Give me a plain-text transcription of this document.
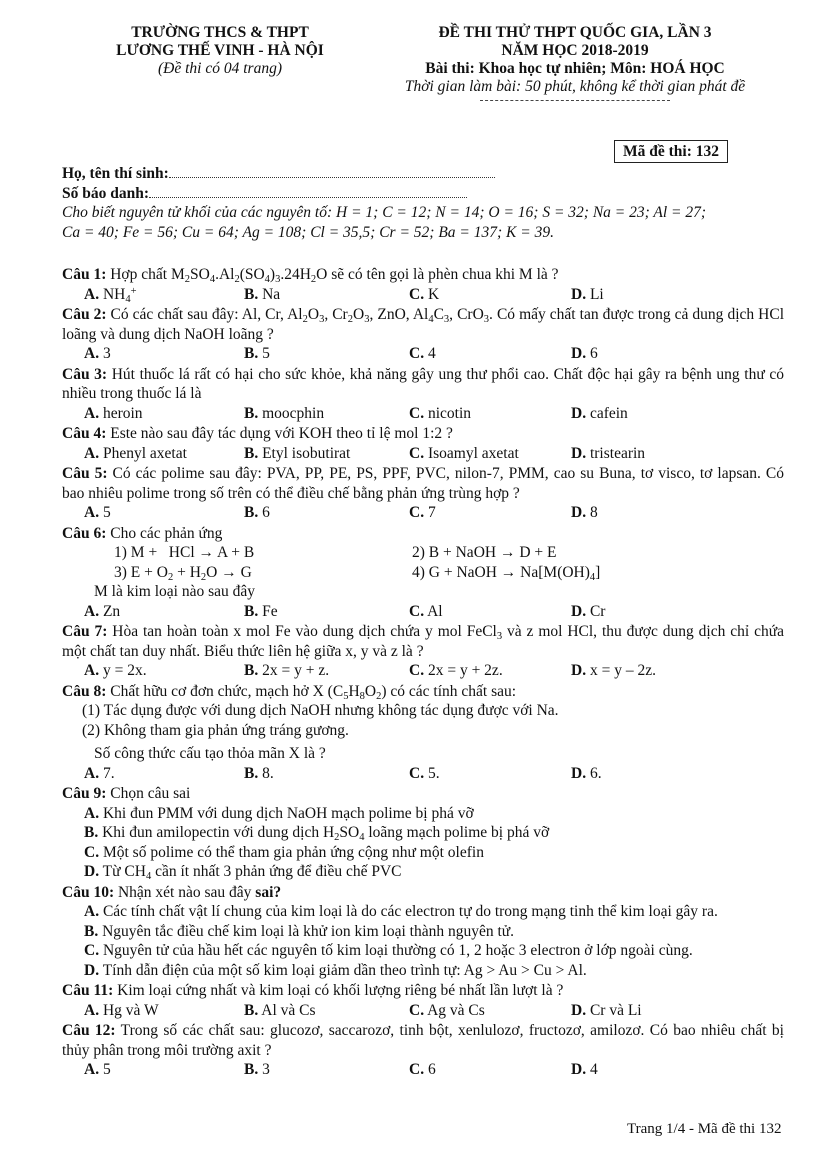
TRƯỜNG THCS & THPT
LƯƠNG THẾ VINH - HÀ NỘI
(Đề thi có 04 trang)
ĐỀ THI THỬ THPT QUỐC GIA, LẦN 3
NĂM HỌC 2018-2019
Bài thi: Khoa học tự nhiên; Môn: HOÁ HỌC
Thời gian làm bài: 50 phút, không kể thời gian phát đề
Mã đề thi: 132
Họ, tên thí sinh:
Số báo danh:
Cho biết nguyên tử khối của các nguyên tố: H = 1; C = 12; N = 14; O = 16; S = 32; Na = 23; Al = 27;
Ca = 40; Fe = 56; Cu = 64; Ag = 108; Cl = 35,5; Cr = 52; Ba = 137; K = 39.
Câu 1: Hợp chất $M_2SO_4.Al_2(SO_4)_3.24H_2O$ sẽ có tên gọi là phèn chua khi M là ?
A. $NH_4^+$	B. Na	C. K	D. Li
Câu 2: Có các chất sau đây: Al, Cr, $Al_2O_3$, $Cr_2O_3$, ZnO, $Al_4C_3$, CrO$_3$. Có mấy chất tan được trong cả dung dịch HCl loãng và dung dịch NaOH loãng ?
A. 3	B. 5	C. 4	D. 6
Câu 3: Hút thuốc lá rất có hại cho sức khỏe, khả năng gây ung thư phổi cao. Chất độc hại gây ra bệnh ung thư có nhiều trong thuốc lá là
A. heroin	B. moocphin	C. nicotin	D. cafein
Câu 4: Este nào sau đây tác dụng với KOH theo tỉ lệ mol 1:2 ?
A. Phenyl axetat	B. Etyl isobutirat	C. Isoamyl axetat	D. tristearin
Câu 5: Có các polime sau đây: PVA, PP, PE, PS, PPF, PVC, nilon-7, PMM, cao su Buna, tơ visco, tơ lapsan. Có bao nhiêu polime trong số trên có thể điều chế bằng phản ứng trùng hợp ?
A. 5	B. 6	C. 7	D. 8
Câu 6: Cho các phản ứng
1) M +   HCl → A + B	2) B + NaOH → D + E
3) $E + O_2 + H_2O \to G$	4) G + NaOH → $Na[M(OH)_4]$
M là kim loại nào sau đây
A. Zn	B. Fe	C. Al	D. Cr
Câu 7: Hòa tan hoàn toàn x mol Fe vào dung dịch chứa y mol FeCl$_3$ và z mol HCl, thu được dung dịch chỉ chứa một chất tan duy nhất. Biểu thức liên hệ giữa x, y và z là ?
A. y = 2x.	B. 2x = y + z.	C. 2x = y + 2z.	D. x = y – 2z.
Câu 8: Chất hữu cơ đơn chức, mạch hở X $(C_5H_8O_2)$ có các tính chất sau:
(1) Tác dụng được với dung dịch NaOH nhưng không tác dụng được với Na.
(2) Không tham gia phản ứng tráng gương.
Số công thức cấu tạo thỏa mãn X là ?
A. 7.	B. 8.	C. 5.	D. 6.
Câu 9: Chọn câu sai
A. Khi đun PMM với dung dịch NaOH mạch polime bị phá vỡ
B. Khi đun amilopectin với dung dịch $H_2SO_4$ loãng mạch polime bị phá vỡ
C. Một số polime có thể tham gia phản ứng cộng như một olefin
D. Từ $CH_4$ cần ít nhất 3 phản ứng để điều chế PVC
Câu 10: Nhận xét nào sau đây sai?
A. Các tính chất vật lí chung của kim loại là do các electron tự do trong mạng tinh thể kim loại gây ra.
B. Nguyên tắc điều chế kim loại là khử ion kim loại thành nguyên tử.
C. Nguyên tử của hầu hết các nguyên tố kim loại thường có 1, 2 hoặc 3 electron ở lớp ngoài cùng.
D. Tính dẫn điện của một số kim loại giảm dần theo trình tự: Ag > Au > Cu > Al.
Câu 11: Kim loại cứng nhất và kim loại có khối lượng riêng bé nhất lần lượt là ?
A. Hg và W	B. Al và Cs	C. Ag và Cs	D. Cr và Li
Câu 12: Trong số các chất sau: glucozơ, saccarozơ, tinh bột, xenlulozơ, fructozơ, amilozơ. Có bao nhiêu chất bị thủy phân trong môi trường axit ?
A. 5	B. 3	C. 6	D. 4
Trang 1/4 - Mã đề thi 132
